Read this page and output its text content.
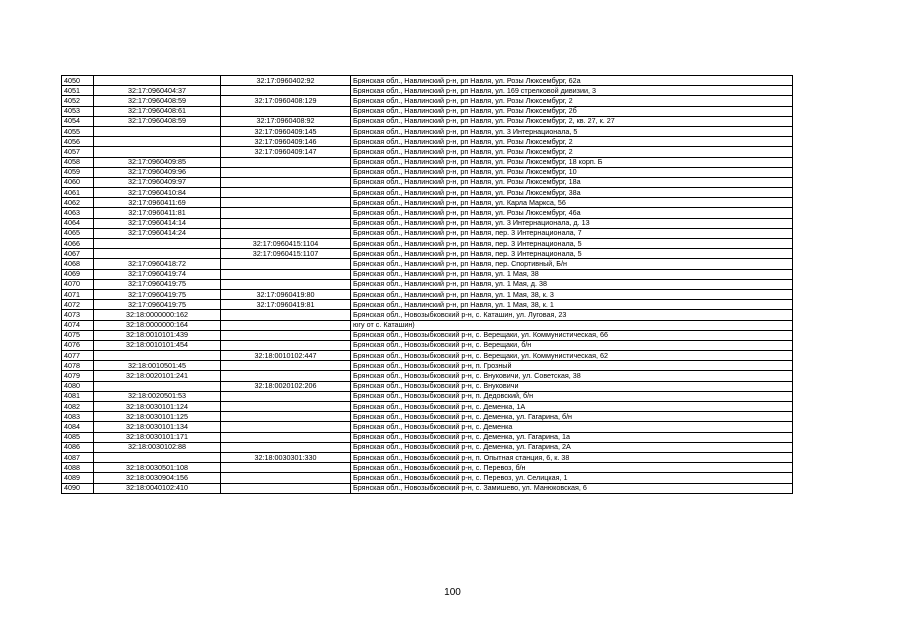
4050		32:17:0960402:92	Брянская обл., Навлинский р-н, рп Навля, ул. Розы Люксембург, 62а
4051	32:17:0960404:37		Брянская обл., Навлинский р-н, рп Навля, ул. 169 стрелковой дивизии, 3
4052	32:17:0960408:59	32:17:0960408:129	Брянская обл., Навлинский р-н, рп Навля, ул. Розы Люксембург, 2
4053	32:17:0960408:61		Брянская обл., Навлинский р-н, рп Навля, ул. Розы Люксембург, 2б
4054	32:17:0960408:59	32:17:0960408:92	Брянская обл., Навлинский р-н, рп Навля, ул. Розы Люксембург, 2, кв. 27, к. 27
4055		32:17:0960409:145	Брянская обл., Навлинский р-н, рп Навля, ул. 3 Интернационала, 5
4056		32:17:0960409:146	Брянская обл., Навлинский р-н, рп Навля, ул. Розы Люксембург, 2
4057		32:17:0960409:147	Брянская обл., Навлинский р-н, рп Навля, ул. Розы Люксембург, 2
4058	32:17:0960409:85		Брянская обл., Навлинский р-н, рп Навля, ул. Розы Люксембург, 18 корп. Б
4059	32:17:0960409:96		Брянская обл., Навлинский р-н, рп Навля, ул. Розы Люксембург, 10
4060	32:17:0960409:97		Брянская обл., Навлинский р-н, рп Навля, ул. Розы Люксембург, 18а
4061	32:17:0960410:84		Брянская обл., Навлинский р-н, рп Навля, ул. Розы Люксембург, 38а
4062	32:17:0960411:69		Брянская обл., Навлинский р-н, рп Навля, ул. Карла Маркса, 56
4063	32:17:0960411:81		Брянская обл., Навлинский р-н, рп Навля, ул. Розы Люксембург, 46а
4064	32:17:0960414:14		Брянская обл., Навлинский р-н, рп Навля, ул. 3 Интернационала, д. 13
4065	32:17:0960414:24		Брянская обл., Навлинский р-н, рп Навля, пер. 3 Интернационала, 7
4066		32:17:0960415:1104	Брянская обл., Навлинский р-н, рп Навля, пер. 3 Интернационала, 5
4067		32:17:0960415:1107	Брянская обл., Навлинский р-н, рп Навля, пер. 3 Интернационала, 5
4068	32:17:0960418:72		Брянская обл., Навлинский р-н, рп Навля, пер. Спортивный, Б/н
4069	32:17:0960419:74		Брянская обл., Навлинский р-н, рп Навля, ул. 1 Мая, 38
4070	32:17:0960419:75		Брянская обл., Навлинский р-н, рп Навля, ул. 1 Мая, д. 38
4071	32:17:0960419:75	32:17:0960419:80	Брянская обл., Навлинский р-н, рп Навля, ул. 1 Мая, 38, к. 3
4072	32:17:0960419:75	32:17:0960419:81	Брянская обл., Навлинский р-н, рп Навля, ул. 1 Мая, 38, к. 1
4073	32:18:0000000:162		Брянская обл., Новозыбковский р-н, с. Каташин, ул. Луговая, 23
4074	32:18:0000000:164		югу от с. Каташин)
4075	32:18:0010101:439		Брянская обл., Новозыбковский р-н, с. Верещаки, ул. Коммунистическая, 66
4076	32:18:0010101:454		Брянская обл., Новозыбковский р-н, с. Верещаки, б/н
4077		32:18:0010102:447	Брянская обл., Новозыбковский р-н, с. Верещаки, ул. Коммунистическая, 62
4078	32:18:0010501:45		Брянская обл., Новозыбковский р-н, п. Грозный
4079	32:18:0020101:241		Брянская обл., Новозыбковский р-н, с. Внуковичи, ул. Советская, 38
4080		32:18:0020102:206	Брянская обл., Новозыбковский р-н, с. Внуковичи
4081	32:18:0020501:53		Брянская обл., Новозыбковский р-н, п. Дедовский, б/н
4082	32:18:0030101:124		Брянская обл., Новозыбковский р-н, с. Деменка, 1А
4083	32:18:0030101:125		Брянская обл., Новозыбковский р-н, с. Деменка, ул. Гагарина, б/н
4084	32:18:0030101:134		Брянская обл., Новозыбковский р-н, с. Деменка
4085	32:18:0030101:171		Брянская обл., Новозыбковский р-н, с. Деменка, ул. Гагарина, 1а
4086	32:18:0030102:88		Брянская обл., Новозыбковский р-н, с. Деменка, ул. Гагарина, 2А
4087		32:18:0030301:330	Брянская обл., Новозыбковский р-н, п. Опытная станция, 6, к. 38
4088	32:18:0030501:108		Брянская обл., Новозыбковский р-н, с. Перевоз, б/н
4089	32:18:0030904:156		Брянская обл., Новозыбковский р-н, с. Перевоз, ул. Селицкая, 1
4090	32:18:0040102:410		Брянская обл., Новозыбковский р-н, с. Замишево, ул. Манюковская, 6
100
